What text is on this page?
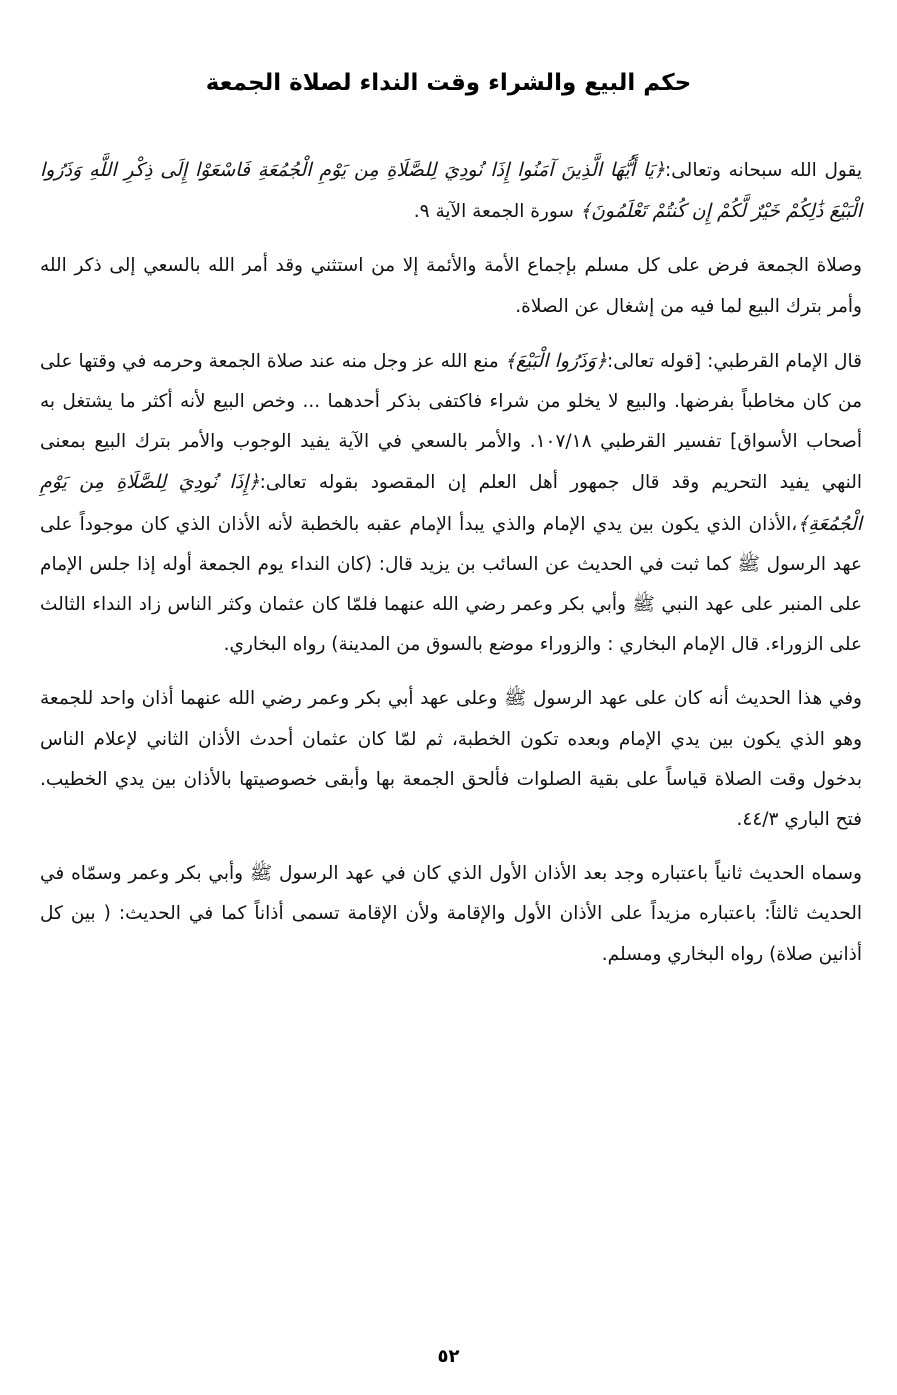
حكم البيع والشراء وقت النداء لصلاة الجمعة

يقول الله سبحانه وتعالى:﴿يَا أَيُّهَا الَّذِينَ آمَنُوا إِذَا نُودِيَ لِلصَّلَاةِ مِن يَوْمِ الْجُمُعَةِ فَاسْعَوْا إِلَى ذِكْرِ اللَّهِ وَذَرُوا الْبَيْعَ ذَٰلِكُمْ خَيْرٌ لَّكُمْ إِن كُنتُمْ تَعْلَمُونَ﴾ سورة الجمعة الآية ٩.

وصلاة الجمعة فرض على كل مسلم بإجماع الأمة والأئمة إلا من استثني وقد أمر الله بالسعي إلى ذكر الله وأمر بترك البيع لما فيه من إشغال عن الصلاة.

قال الإمام القرطبي: [قوله تعالى:﴿وَذَرُوا الْبَيْعَ﴾ منع الله عز وجل منه عند صلاة الجمعة وحرمه في وقتها على من كان مخاطباً بفرضها. والبيع لا يخلو من شراء فاكتفى بذكر أحدهما ... وخص البيع لأنه أكثر ما يشتغل به أصحاب الأسواق] تفسير القرطبي ١٠٧/١٨. والأمر بالسعي في الآية يفيد الوجوب والأمر بترك البيع بمعنى النهي يفيد التحريم وقد قال جمهور أهل العلم إن المقصود بقوله تعالى:﴿إِذَا نُودِيَ لِلصَّلَاةِ مِن يَوْمِ الْجُمُعَةِ﴾،الأذان الذي يكون بين يدي الإمام والذي يبدأ الإمام عقبه بالخطبة لأنه الأذان الذي كان موجوداً على عهد الرسول ﷺ كما ثبت في الحديث عن السائب بن يزيد قال: (كان النداء يوم الجمعة أوله إذا جلس الإمام على المنبر على عهد النبي ﷺ وأبي بكر وعمر رضي الله عنهما فلمّا كان عثمان وكثر الناس زاد النداء الثالث على الزوراء. قال الإمام البخاري : والزوراء موضع بالسوق من المدينة) رواه البخاري.

وفي هذا الحديث أنه كان على عهد الرسول ﷺ وعلى عهد أبي بكر وعمر رضي الله عنهما أذان واحد للجمعة وهو الذي يكون بين يدي الإمام وبعده تكون الخطبة، ثم لمّا كان عثمان أحدث الأذان الثاني لإعلام الناس بدخول وقت الصلاة قياساً على بقية الصلوات فألحق الجمعة بها وأبقى خصوصيتها بالأذان بين يدي الخطيب. فتح الباري ٤٤/٣.

وسماه الحديث ثانياً باعتباره وجد بعد الأذان الأول الذي كان في عهد الرسول ﷺ وأبي بكر وعمر وسمّاه في الحديث ثالثاً: باعتباره مزيداً على الأذان الأول والإقامة ولأن الإقامة تسمى أذاناً كما في الحديث: ( بين كل أذانين صلاة) رواه البخاري ومسلم.

٥٢
